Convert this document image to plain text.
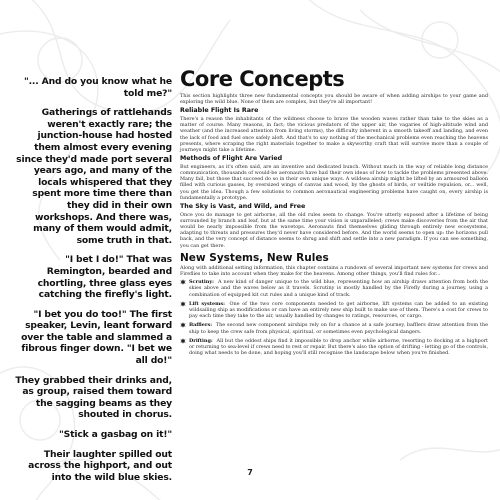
"... And do you know what he told me?"

Gatherings of rattlehands weren't exactly rare; the junction-house had hosted them almost every evening since they'd made port several years ago, and many of the locals whispered that they spent more time there than they did in their own workshops. And there was, many of them would admit, some truth in that.

"I bet I do!" That was Remington, bearded and chortling, three glass eyes catching the firefly's light.

"I bet you do too!" The first speaker, Levin, leant forward over the table and slammed a fibrous finger down. "I bet we all do!"

They grabbed their drinks and, as group, raised them toward the sagging beams as they shouted in chorus.

"Stick a gasbag on it!"

Their laughter spilled out across the highport, and out into the wild blue skies.

Core Concepts

This section highlights three new fundamental concepts you should be aware of when adding airships to your game and exploring the wild blue. None of them are complex, but they're all important!

Reliable Flight Is Rare

There's a reason the inhabitants of the wildness choose to brave the wooden waves rather than take to the skies as a matter of course. Many reasons, in fact; the vicious predators of the upper air, the vagaries of high-altitude wind and weather (and the increased attention from living storms), the difficulty inherent in a smooth takeoff and landing, and even the lack of food and fuel once safely aloft. And that's to say nothing of the mechanical problems even reaching the heavens presents, where scraping the right materials together to make a skyworthy craft that will survive more than a couple of journeys might take a lifetime.

Methods of Flight Are Varied

But engineers, as it's often said, are an inventive and dedicated bunch. Without much in the way of reliable long distance communication, thousands of would-be aeronauts have had their own ideas of how to tackle the problems presented above. Many fail, but those that succeed do so in their own unique ways. A wildsea airship might be lifted by an armoured balloon filled with curious gasses, by oversized wings of canvas and wood, by the ghosts of birds, or veiltide repulsion, or... well, you get the idea. Though a few solutions to common aeronautical engineering problems have caught on, every airship is fundamentally a prototype.

The Sky is Vast, and Wild, and Free

Once you do manage to get airborne, all the old rules seem to change. You're utterly exposed after a lifetime of being surrounded by branch and leaf, but at the same time your vision is unparalleled; crews make discoveries from the air that would be nearly impossible from the wavetops. Aeronauts find themselves gliding through entirely new ecosystems, adapting to threats and pressures they'd never have considered before. And the world seems to open up: the horizons pull back, and the very concept of distance seems to shrug and shift and settle into a new paradigm. If you can see something, you can get there.

New Systems, New Rules

Along with additional setting information, this chapter contains a rundown of several important new systems for crews and Fireflies to take into account when they make for the heavens. Among other things, you'll find rules for...

Scrutiny: A new kind of danger unique to the wild blue, representing how an airship draws attention from both the skies above and the waves below as it travels. Scrutiny is mostly handled by the Firefly during a journey, using a combination of equipped kit cut rules and a unique kind of track.
Lift systems: One of the two core components needed to get airborne, lift systems can be added to an existing wildsailing ship as modifications or can have an entirely new ship built to make use of them. There's a cost for crews to pay each time they take to the air, usually handled by changes to ratings, resources, or cargo.
Bafflers: The second new component airships rely on for a chance at a safe journey, bafflers draw attention from the ship to keep the crew safe from physical, spiritual, or sometimes even psychological dangers.
Drifting: All but the oddest ships find it impossible to drop anchor while airborne, resorting to docking at a highport or returning to sea-level if crews need to rest or repair. But there's also the option of drifting - letting go of the controls, doing what needs to be done, and hoping you'll still recognise the landscape below when you're finished.
7
